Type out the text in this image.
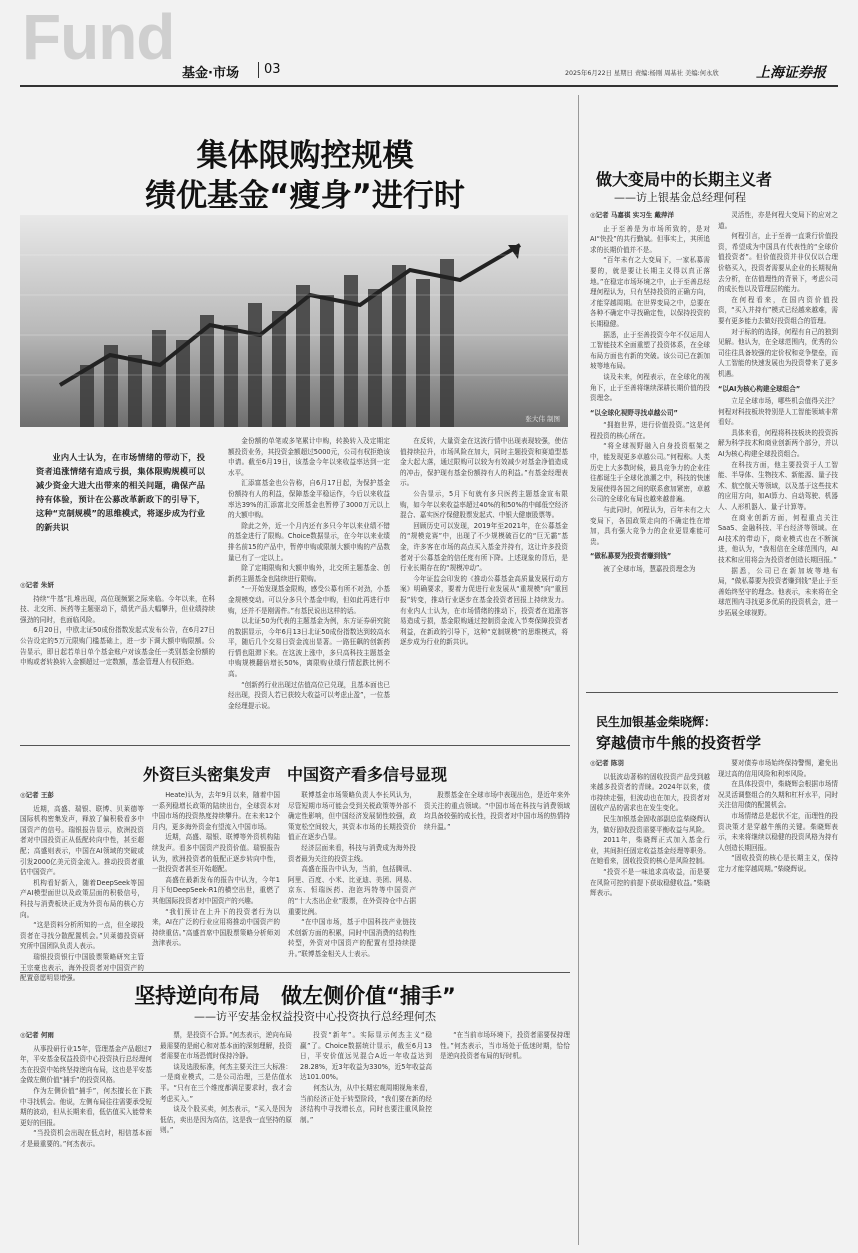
Fund
基金·市场 03	2025年6月22日 星期日 责编:杨刚 周基社 美编:何永欣	上海证券报
集体限购控规模
绩优基金“瘦身”进行时
张大伟 制图
业内人士认为，在市场情绪的带动下，投资者追涨情绪有造成亏损，集体限购规模可以减少资金大进大出带来的相关问题，确保产品持有体验，预计在公募改革新政下的引导下，这种“克制规模”的思维模式，将逐步成为行业的新共识
◎记者 朱妍

持续“牛基”扎堆出现，高位现频繁之际来临。今年以来，在科技、北交所、医药等主题驱动下，绩优产品大幅攀升，但业绩持续强劲的同时，也面临风险。

6月20日，中欧北证50成份指数发起式发布公告，在6月27日公告设定的5万元限购门槛基础上，进一步下调大额申购限额。公告显示，即日起若单日单个基金账户对该基金任一类别基金份额的申购或者转换转入金额超过一定数额，基金管理人有权拒绝。

金份额的单笔或多笔累计申购，转换转入及定期定额投资业务，其投资金额超过5000元，公司有权拒绝该申请。截至6月19日，该基金今年以来收益率达到一定水平。

汇添富基金也公告称，自6月17日起，为保护基金份额持有人的利益，保障基金平稳运作，今后以来收益率达39%的汇添富北交所基金也暂停了3000万元以上的大额申购。

除此之外，近一个月内还有多只今年以来业绩不错的基金进行了限购。Choice数据显示，在今年以来业绩排名前15的产品中，暂停申购或限制大额申购的产品数量已有了一定以上。

除了定期限购和大额申购外，北交所主题基金、创新药主题基金也陆续进行限购。

“一开始发现基金限购，感受公募有所不对劲，小基金规模变动。可以分多只个基金申购，但如此再进行申购，还并不是刚需件。”有基民说出这样的话。

以北证50为代表的主题基金为例，东方证券研究院的数据显示，今年6月13日北证50成份指数达到较高水平，随后几个交易日资金流出显著。一路狂飙的创新药行情也阻滞下来。在这波上涨中，多只高科技主题基金申购规模翻倍增长50%，离限购业绩行情起跌比例不高。

“创新药行业出现过估值高位已兑现，且基本面也已经出现，投资人若已获较大收益可以考虑止盈”，一位基金经理提示说。

在反转，大量资金在这波行情中出现表现较强，使估值持续拉升，市场风险在加大，同时主题投资和赛道型基金大起大落，通过限购可以较为有效减少对基金净值造成的冲击，保护现有基金份额持有人的利益。”有基金经理表示。

公告显示，5月下旬就有多只医药主题基金宣布限购，如今年以来收益率超过40%的和50%的中邮低空经济混合、嘉实医疗保健股票发起式、中银大健康股票等。

回顾历史可以发现，2019年至2021年，在公募基金的“规模竞赛”中，出现了不少规模破百亿的“巨无霸”基金，许多客在市场的高点买入基金并持有，这让许多投资者对于公募基金的信任度有所下降。上述现象的背后，是行业长期存在的“规模冲动”。

今年证监会印发的《推动公募基金高质量发展行动方案》明确要求，要着力促进行业发展从“重规模”向“重回报”转变，推动行业逐步在基金投资者回报上持续发力。有业内人士认为，在市场情绪的推动下，投资者在追涨容易造成亏损，基金限购通过控制资金流入节奏保障投资者利益，在新政的引导下，这种“克制规模”的思维模式，将逐步成为行业的新共识。

做大变局中的长期主义者
——访上银基金总经理何程
◎记者 马嘉祺 实习生 戴萍洋

止于至善是为市场所致的，是对AI“快投”的共行勤斌。但事实上，其所追求的长期价值并不是。

“百年未有之大变局下，一家私募需要的，就是要让长期主义得以真正落地。”在稳定市场环境之中，止于至善总经理何程认为，只有坚持投资的正确方向，才能穿越周期。在世界变局之中，总要在各种不确定中寻找确定性，以保持投资的长期稳健。

据悉，止于至善投资今年不仅运用人工智能技术全面重塑了投资体系，在全球布局方面也有新的突破。该公司已在新加坡等地布局。

谈及未来，何程表示，在全球化的视角下，止于至善将继续深耕长期价值的投资理念。

“以全球化视野寻找卓越公司”

“拥抱世界，进行价值投资。”这是何程投资的核心所在。

“将全球视野融入自身投资框架之中，能发现更多卓越公司。”何程称。人类历史上大多数时候，最具竞争力的企业往往都诞生于全球化浪潮之中，科技的快速发展使得各国之间的联系愈加紧密，卓越公司的全球化布局也越来越普遍。

与此同时，何程认为，百年未有之大变局下，各国政策走向的不确定性在增加，具有强大竞争力的企业更显难能可贵。

“做私募要为投资者赚到钱”

被了全球市场，慧嘉投资理念为

灵活性，亦是何程大变局下的应对之道。

何程引言，止于至善一直秉行价值投资，希望成为中国具有代表性的“全球价值投资者”。但价值投资并非仅仅以合理价格买入，投资者需要从企业的长期视角去分析，在估值理性的背景下，考虑公司的成长性以及管理层的能力。

在何程看来，在国内资价值投资，“买入并持有”模式已经越来越难，需要有更多能力去做好投资组合的管理。

对于标的的选择，何程有自己的独到见解。他认为，在全球范围内，优秀的公司往往具备较强的定价权和竞争壁垒，而人工智能的快速发展也为投资带来了更多机遇。

“以AI为核心构建全球组合”

立足全球市场，哪些机会值得关注？何程对科技板块特别是人工智能领域非常看好。

具体来看，何程将科技板块的投资拆解为科学技术和商业创新两个部分，并以AI为核心构建全球投资组合。

在科技方面，他主要投资于人工智能、半导体、生物技术、新能源、量子技术、航空航天等领域，以及基于这些技术的应用方向，如AI算力、自动驾驶、机器人、人形机器人、量子计算等。

在商业创新方面，何程重点关注SaaS、金融科技、平台经济等领域。在AI技术的带动下，商业模式也在不断演进，他认为，“我相信在全球范围内，AI技术和应用将会为投资者创造长期回报。”

据悉，公司已在新加坡等地布局，“做私募要为投资者赚到钱”是止于至善始终坚守的理念。他表示，未来将在全球范围内寻找更多优质的投资机会，进一步拓展全球视野。

外资巨头密集发声　中国资产看多信号显现
◎记者 王彭

近期，高盛、瑞银、联博、贝莱德等国际机构密集发声，释放了偏积极看多中国资产的信号。瑞银报告显示，欧洲投资者对中国投资正从低配转向中性，甚至超配；高盛则表示，中国在AI领域的突破或引发2000亿美元资金流入。推动投资者重估中国资产。

机构看好新入，随着DeepSeek等国产AI模型面世以及政策层面的积极信号，科技与消费板块正成为外资布局的核心方向。

“这是资料分析所知的一点，但全球投资者在寻找分散配置机会。”贝莱德投资研究所中国团队负责人表示。

瑞银投资银行中国股票策略研究主管王宗豪也表示，海外投资者对中国资产的配置意愿明显增强。

Heate)认为，去年9月以来，随着中国一系列稳增长政策的陆续出台，全球资本对中国市场的投资热度持续攀升。在未来12个月内，更多海外资金有望流入中国市场。

近期，高盛、瑞银、联博等外资机构陆续发声。看多中国资产投资价值。瑞银报告认为，欧洲投资者的低配正逐步转向中性，一批投资者甚至开始超配。

高盛在最新发布的报告中认为，今年1月下旬DeepSeek-R1的横空出世，重燃了其他国际投资者对中国资产的兴趣。

“我们预计在上升下的投资者行为以来，AI在广泛的行业应用将推动中国资产的持续重估。”高盛首席中国股票策略分析师刘劲津表示。

联博基金市场策略负责人李长风认为，尽管短期市场可能会受到关税政策等外部不确定性影响，但中国经济发展韧性较强，政策宽松空间较大，其资本市场的长期投资价值正在逐步凸显。

经济层面来看，科技与消费成为海外投资者最为关注的投资主线。

高盛在报告中认为，当前，包括腾讯、阿里、百度、小米、比亚迪、美团、网易、京东、恒瑞医药、泡泡玛特等中国资产的“十大杰出企业”股票，在外资持仓中占据重要比例。

“在中国市场，基于中国科技产业链技术创新方面的积累，同时中国消费的结构性转型，外资对中国资产的配置有望持续提升。”联博基金相关人士表示。

股票基金在全球市场中表现出色，是近年来外资关注的重点领域。“中国市场在科技与消费领域均具备较强的成长性，投资者对中国市场的热情持续升温。”

民生加银基金柴晓辉：
穿越债市牛熊的投资哲学
◎记者 陈羽

以低波动著称的固收投资产品受到越来越多投资者的青睐。2024年以来，债市持续走强，但波动也在加大，投资者对固收产品的需求也在发生变化。

民生加银基金固收部副总监柴晓辉认为，做好固收投资需要平衡收益与风险。

2011年，柴晓辉正式加入基金行业，其间担任固定收益基金经理等职务。在她看来，固收投资的核心是风险控制。

“投资不是一味追求高收益，而是要在风险可控的前提下获取稳健收益。”柴晓辉表示。

要对债券市场始终保持警惕，避免出现过高的信用风险和利率风险。

在具体投资中，柴晓辉会根据市场情况灵活调整组合的久期和杠杆水平，同时关注信用债的配置机会。

市场情绪总是起伏不定，而理性的投资决策才是穿越牛熊的关键。柴晓辉表示，未来将继续以稳健的投资风格为持有人创造长期回报。

“固收投资的核心是长期主义，保持定力才能穿越周期。”柴晓辉说。

坚持逆向布局　做左侧价值“捕手”
——访平安基金权益投资中心投资执行总经理何杰
◎记者 何雨

从事投研行业15年，管理基金产品超过7年，平安基金权益投资中心投资执行总经理何杰在投资中始终坚持逆向布局，这也是平安基金做左侧价值“捕手”的投资风格。

作为左侧价值“捕手”，何杰擅长在下跌中寻找机会。他说，左侧布局往往需要承受短期的波动，但从长期来看，低估值买入能带来更好的回报。

“当投资机会出现在低点时，相信基本面才是最重要的。”何杰表示。

票，是投资不合算。”何杰表示，逆向布局最需要的是耐心和对基本面的深刻理解，投资者需要在市场恐慌时保持冷静。

谈及选股标准，何杰主要关注三大标准：一是商业模式，二是公司治理，三是估值水平。“只有在三个维度都满足要求时，我才会考虑买入。”

谈及个股买卖，何杰表示，“买入是因为低估，卖出是因为高估，这是我一直坚持的原则。”

投资“新年”。实际显示何杰主义“稳赢”了。Choice数据统计显示，截至6月13日，平安价值远见混合A近一年收益达到28.28%，近3年收益为330%，近5年收益高达101.00%。

何杰认为，从中长期宏观周期视角来看，当前经济正处于转型阶段，“我们要在新的经济结构中寻找增长点，同时也要注重风险控制。”

“在当前市场环境下，投资者需要保持理性。”何杰表示，当市场处于低迷时期，恰恰是逆向投资者布局的好时机。
